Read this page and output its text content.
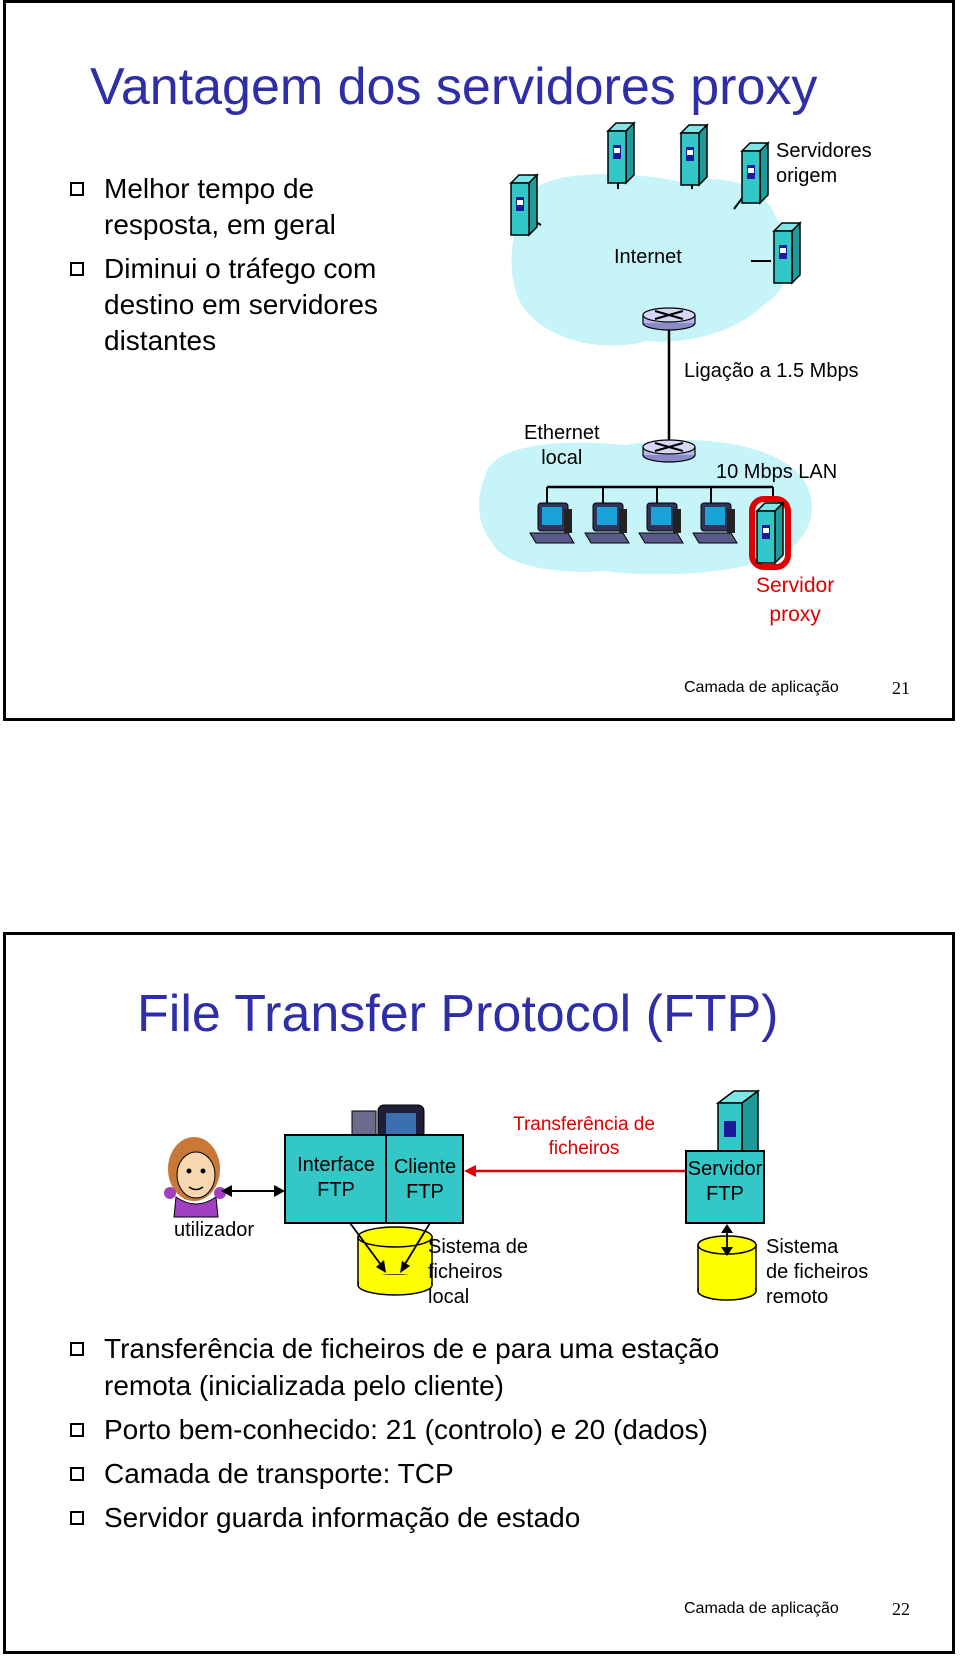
Vantagem dos servidores proxy
Melhor tempo de
resposta, em geral
Diminui o tráfego com
destino em servidores
distantes
Servidores
origem
Internet
Ligação a 1.5 Mbps
Ethernet
local
10 Mbps LAN
Servidor
proxy
Camada de aplicação	21
File Transfer Protocol (FTP)
utilizador
Interface
FTP
Cliente
FTP
Transferência de
ficheiros
Servidor
FTP
Sistema de
ficheiros
local
Sistema
de ficheiros
remoto
Transferência de ficheiros de e para uma estação
remota (inicializada pelo cliente)
Porto bem-conhecido: 21 (controlo) e 20 (dados)
Camada de transporte: TCP
Servidor guarda informação de estado
Camada de aplicação	22
